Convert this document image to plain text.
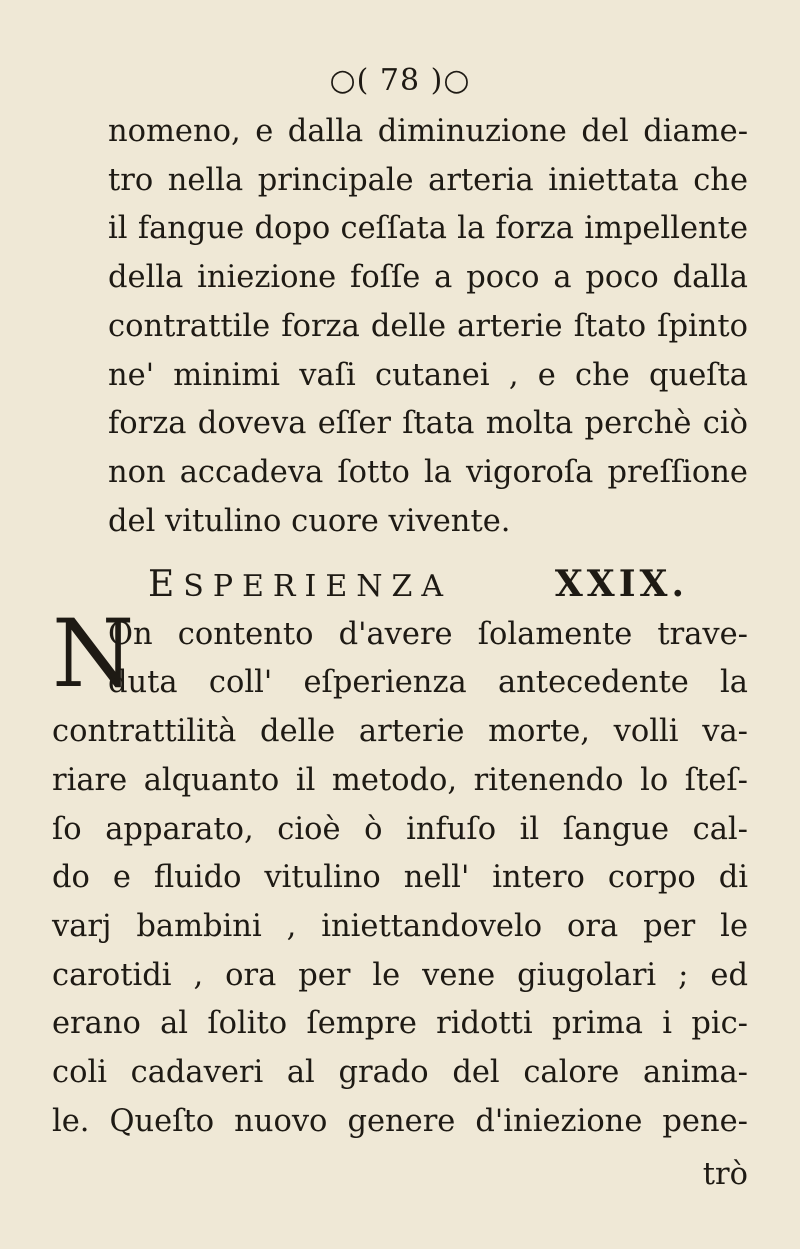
○( 78 )○

nomeno, e dalla diminuzione del diame-

tro nella principale arteria iniettata che

il fangue dopo ceſſata la forza impellente

della iniezione foſſe a poco a poco dalla

contrattile forza delle arterie ſtato ſpinto

ne' minimi vaſi cutanei , e che queſta

forza doveva eſſer ſtata molta perchè ciò

non accadeva ſotto la vigoroſa preſſione

del vitulino cuore vivente.

ESPERIENZA	XXIX.
N

On contento d'avere ſolamente trave-

duta coll' eſperienza antecedente la

contrattilità delle arterie morte, volli va-

riare alquanto il metodo, ritenendo lo ſteſ-

ſo apparato, cioè ò infuſo il ſangue cal-

do e fluido vitulino nell' intero corpo di

varj bambini , iniettandovelo ora per le

carotidi , ora per le vene giugolari ; ed

erano al ſolito ſempre ridotti prima i pic-

coli cadaveri al grado del calore anima-

le. Queſto nuovo genere d'iniezione pene-

trò
